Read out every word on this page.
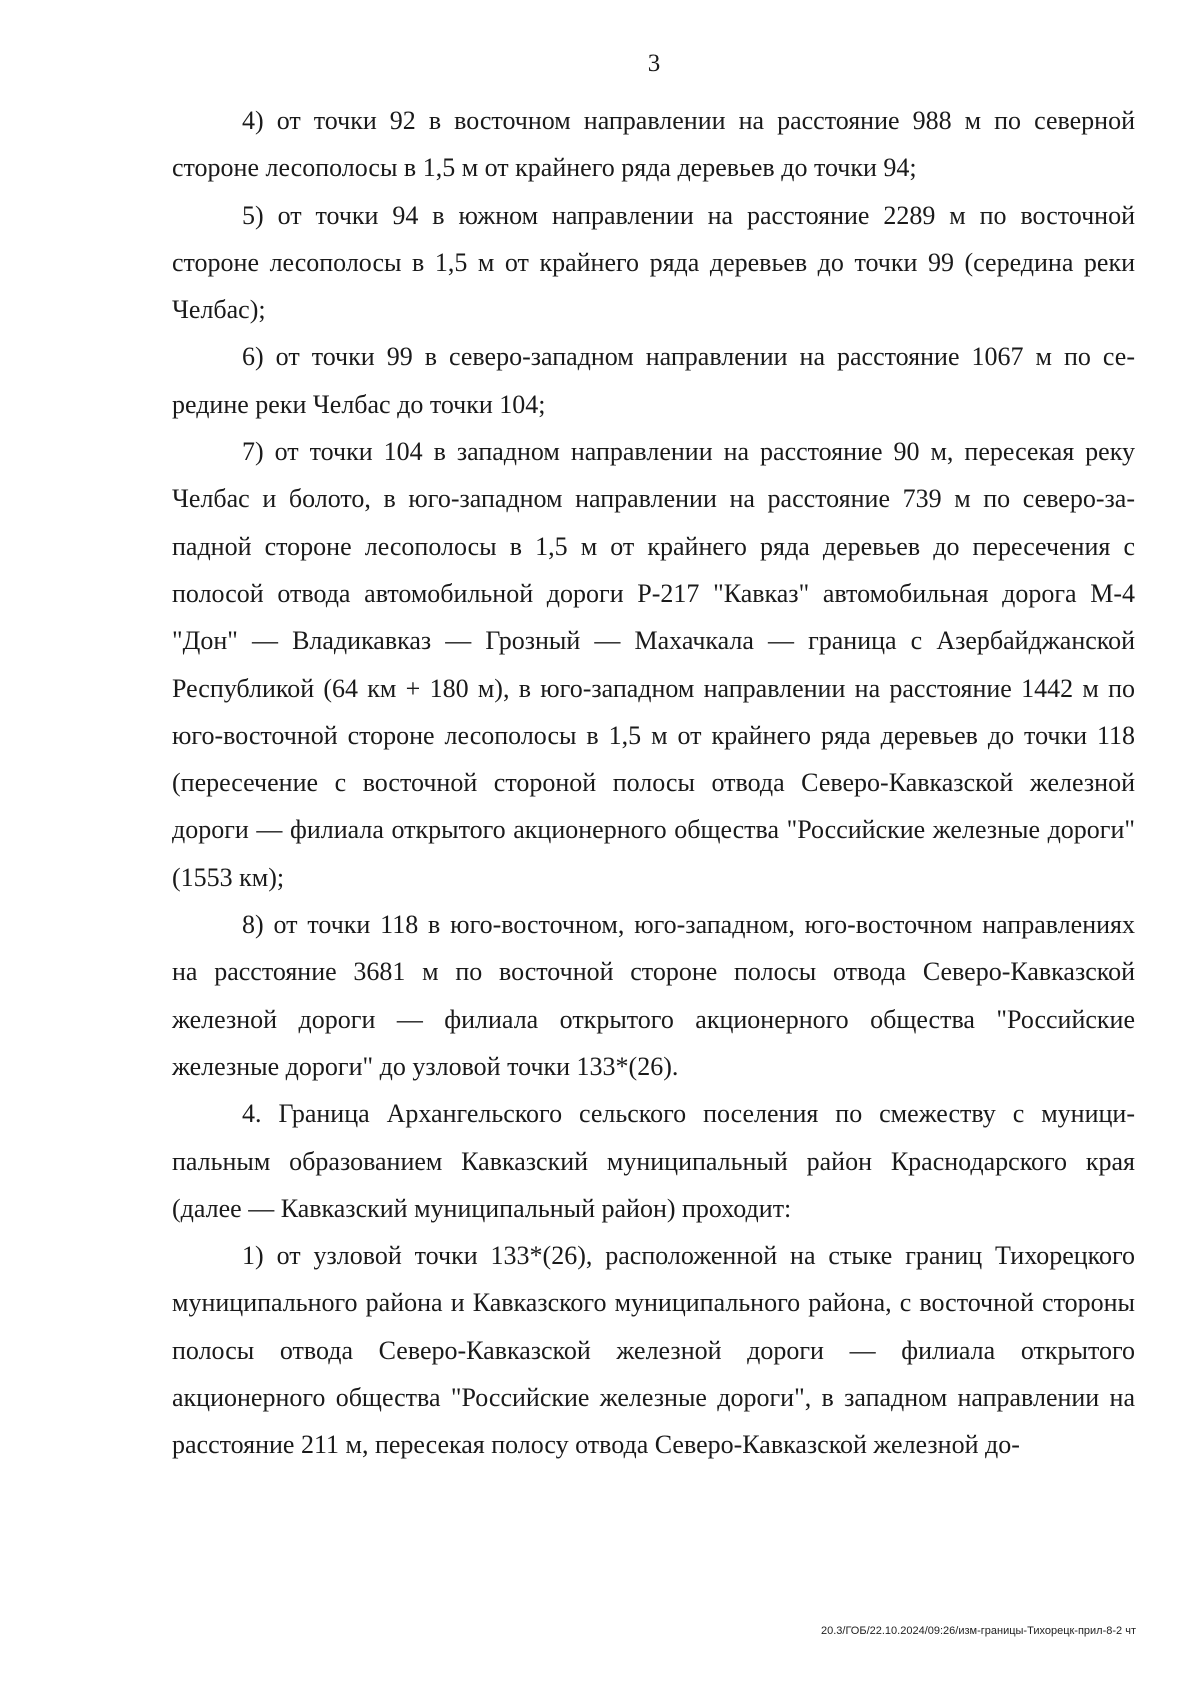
3

4) от точки 92 в восточном направлении на расстояние 988 м по северной стороне лесополосы в 1,5 м от крайнего ряда деревьев до точки 94;

5) от точки 94 в южном направлении на расстояние 2289 м по восточной стороне лесополосы в 1,5 м от крайнего ряда деревьев до точки 99 (середина реки Челбас);

6) от точки 99 в северо-западном направлении на расстояние 1067 м по середине реки Челбас до точки 104;

7) от точки 104 в западном направлении на расстояние 90 м, пересекая реку Челбас и болото, в юго-западном направлении на расстояние 739 м по северо-западной стороне лесополосы в 1,5 м от крайнего ряда деревьев до пересечения с полосой отвода автомобильной дороги Р-217 "Кавказ" автомобильная дорога М-4 "Дон" — Владикавказ — Грозный — Махачкала — граница с Азербайджанской Республикой (64 км + 180 м), в юго-западном направлении на расстояние 1442 м по юго-восточной стороне лесополосы в 1,5 м от крайнего ряда деревьев до точки 118 (пересечение с восточной стороной полосы отвода Северо-Кавказской железной дороги — филиала открытого акционерного общества "Российские железные дороги" (1553 км);

8) от точки 118 в юго-восточном, юго-западном, юго-восточном направлениях на расстояние 3681 м по восточной стороне полосы отвода Северо-Кавказской железной дороги — филиала открытого акционерного общества "Российские железные дороги" до узловой точки 133*(26).

4. Граница Архангельского сельского поселения по смежеству с муниципальным образованием Кавказский муниципальный район Краснодарского края (далее — Кавказский муниципальный район) проходит:

1) от узловой точки 133*(26), расположенной на стыке границ Тихорецкого муниципального района и Кавказского муниципального района, с восточной стороны полосы отвода Северо-Кавказской железной дороги — филиала открытого акционерного общества "Российские железные дороги", в западном направлении на расстояние 211 м, пересекая полосу отвода Северо-Кавказской железной до-

20.3/ГОБ/22.10.2024/09:26/изм-границы-Тихорецк-прил-8-2 чт
